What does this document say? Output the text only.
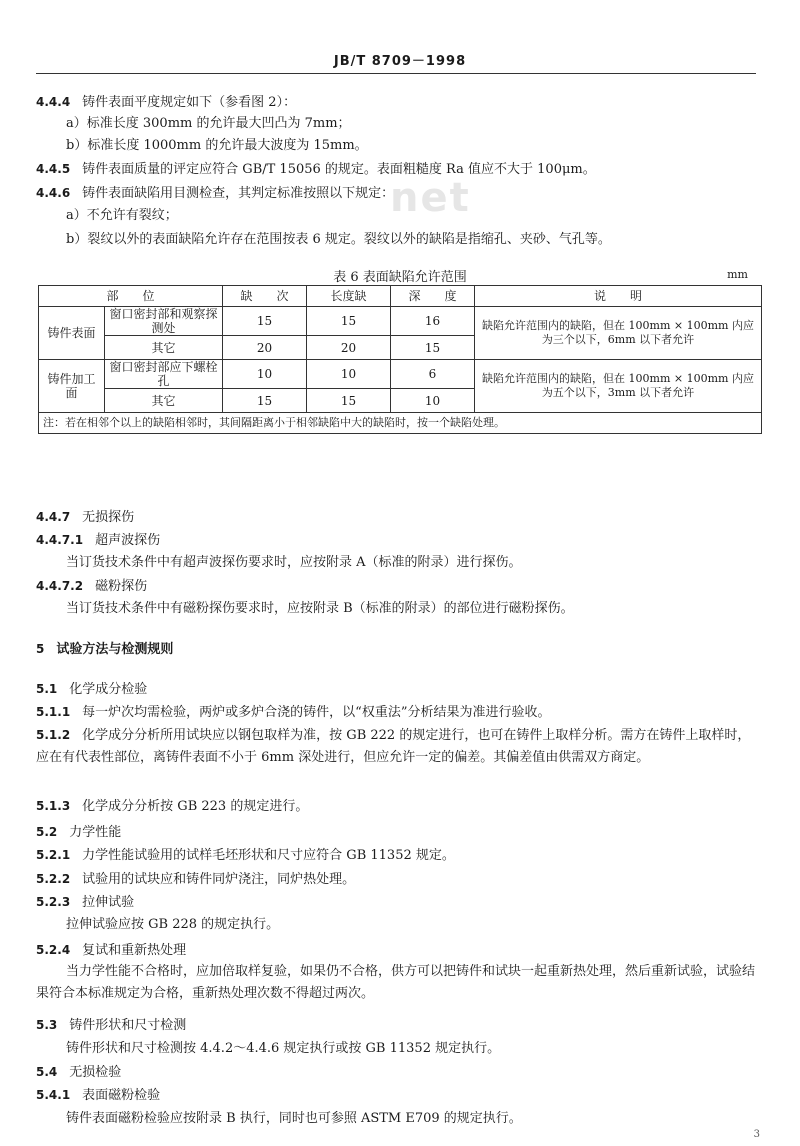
JB/T 8709－1998
net
4.4.4 铸件表面平度规定如下（参看图 2）：
a）标准长度 300mm 的允许最大凹凸为 7mm；
b）标准长度 1000mm 的允许最大波度为 15mm。
4.4.5 铸件表面质量的评定应符合 GB/T 15056 的规定。表面粗糙度 Ra 值应不大于 100μm。
4.4.6 铸件表面缺陷用目测检查，其判定标准按照以下规定：
a）不允许有裂纹；
b）裂纹以外的表面缺陷允许存在范围按表 6 规定。裂纹以外的缺陷是指缩孔、夹砂、气孔等。
表 6 表面缺陷允许范围	mm
部　　位		缺　　次	长度缺	深　　度	说　　明
铸件表面	窗口密封部和观察探测处	15	15	16	缺陷允许范围内的缺陷，但在 100mm × 100mm 内应为三个以下，6mm 以下者允许
	其它	20	20	15	
铸件加工面	窗口密封部应下螺栓孔	10	10	6	缺陷允许范围内的缺陷，但在 100mm × 100mm 内应为五个以下，3mm 以下者允许
	其它	15	15	10	
注：若在相邻个以上的缺陷相邻时，其间隔距离小于相邻缺陷中大的缺陷时，按一个缺陷处理。					
4.4.7 无损探伤
4.4.7.1 超声波探伤
当订货技术条件中有超声波探伤要求时，应按附录 A（标准的附录）进行探伤。
4.4.7.2 磁粉探伤
当订货技术条件中有磁粉探伤要求时，应按附录 B（标准的附录）的部位进行磁粉探伤。
5 试验方法与检测规则
5.1 化学成分检验
5.1.1 每一炉次均需检验，两炉或多炉合浇的铸件，以“权重法”分析结果为准进行验收。
5.1.2 化学成分分析所用试块应以钢包取样为准，按 GB 222 的规定进行，也可在铸件上取样分析。需方在铸件上取样时，应在有代表性部位，离铸件表面不小于 6mm 深处进行，但应允许一定的偏差。其偏差值由供需双方商定。
5.1.3 化学成分分析按 GB 223 的规定进行。
5.2 力学性能
5.2.1 力学性能试验用的试样毛坯形状和尺寸应符合 GB 11352 规定。
5.2.2 试验用的试块应和铸件同炉浇注，同炉热处理。
5.2.3 拉伸试验
拉伸试验应按 GB 228 的规定执行。
5.2.4 复试和重新热处理
当力学性能不合格时，应加倍取样复验，如果仍不合格，供方可以把铸件和试块一起重新热处理，然后重新试验，试验结果符合本标准规定为合格，重新热处理次数不得超过两次。
5.3 铸件形状和尺寸检测
铸件形状和尺寸检测按 4.4.2～4.4.6 规定执行或按 GB 11352 规定执行。
5.4 无损检验
5.4.1 表面磁粉检验
铸件表面磁粉检验应按附录 B 执行，同时也可参照 ASTM E709 的规定执行。
3
